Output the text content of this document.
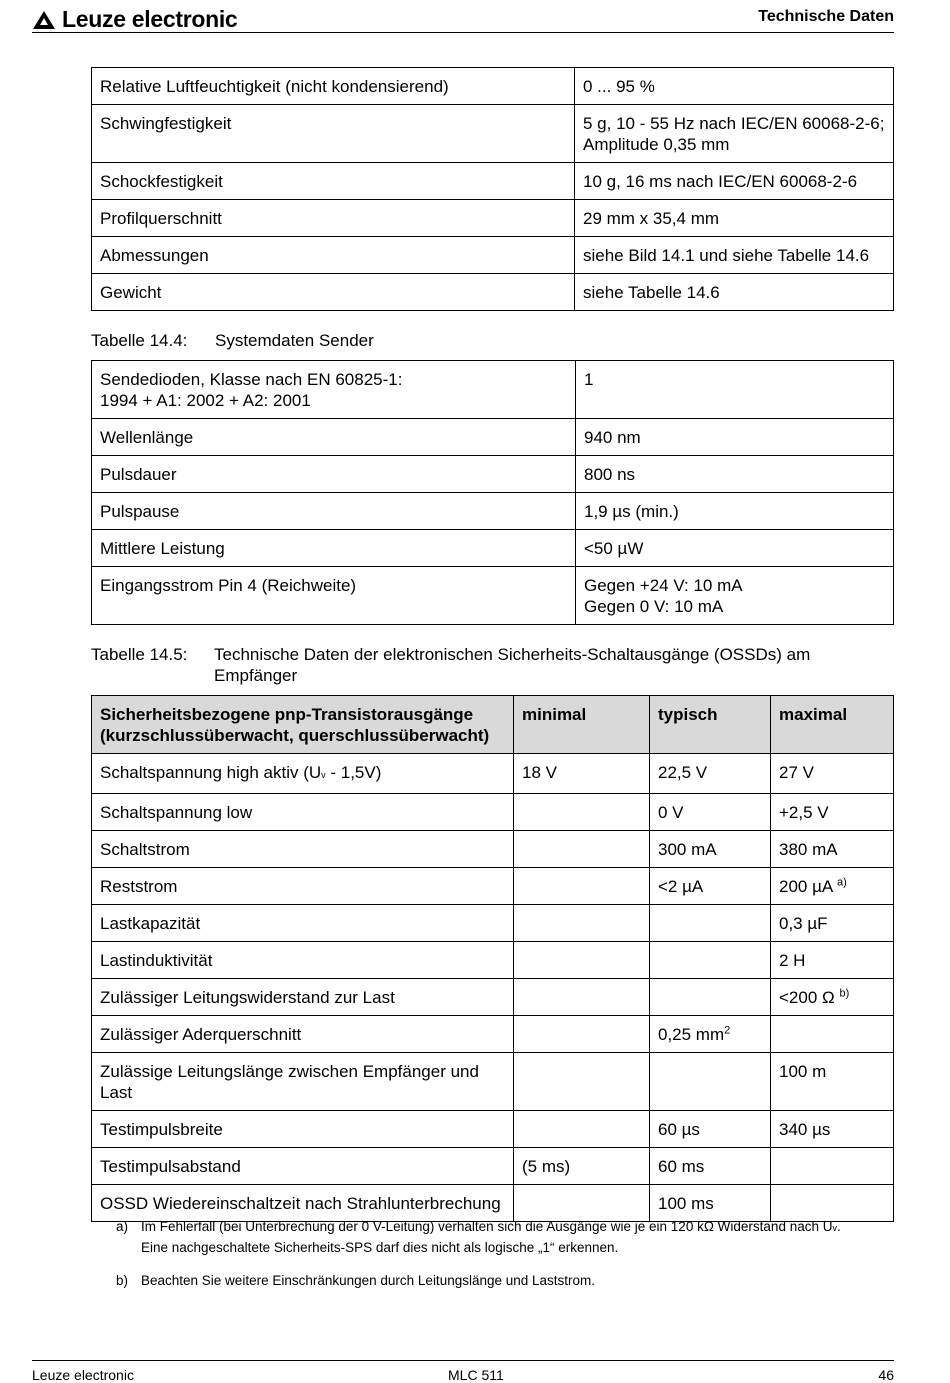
Leuze electronic	Technische Daten
Relative Luftfeuchtigkeit (nicht kondensierend)	0 ... 95 %
Schwingfestigkeit	5 g, 10 - 55 Hz nach IEC/EN 60068-2-6;
Amplitude 0,35 mm
Schockfestigkeit	10 g, 16 ms nach IEC/EN 60068-2-6
Profilquerschnitt	29 mm x 35,4 mm
Abmessungen	siehe Bild 14.1 und siehe Tabelle 14.6
Gewicht	siehe Tabelle 14.6
Tabelle 14.4: Systemdaten Sender
Sendedioden, Klasse nach EN 60825-1:
1994 + A1: 2002 + A2: 2001	1
Wellenlänge	940 nm
Pulsdauer	800 ns
Pulspause	1,9 µs (min.)
Mittlere Leistung	<50 µW
Eingangsstrom Pin 4 (Reichweite)	Gegen +24 V: 10 mA
Gegen 0 V: 10 mA
Tabelle 14.5: Technische Daten der elektronischen Sicherheits-Schaltausgänge (OSSDs) am Empfänger
Sicherheitsbezogene pnp-Transistorausgänge
(kurzschlussüberwacht, querschlussüberwacht)	minimal	typisch	maximal
Schaltspannung high aktiv (Uv - 1,5V)	18 V	22,5 V	27 V
Schaltspannung low		0 V	+2,5 V
Schaltstrom		300 mA	380 mA
Reststrom		<2 µA	200 µA $^{a)}$
Lastkapazität			0,3 µF
Lastinduktivität			2 H
Zulässiger Leitungswiderstand zur Last			<200 Ω $^{b)}$
Zulässiger Aderquerschnitt		0,25 $mm^2$	
Zulässige Leitungslänge zwischen Empfänger und Last			100 m
Testimpulsbreite		60 µs	340 µs
Testimpulsabstand	(5 ms)	60 ms	
OSSD Wiedereinschaltzeit nach Strahlunterbrechung		100 ms	
a) Im Fehlerfall (bei Unterbrechung der 0 V-Leitung) verhalten sich die Ausgänge wie je ein 120 kΩ Widerstand nach Uv.
Eine nachgeschaltete Sicherheits-SPS darf dies nicht als logische „1“ erkennen.
b) Beachten Sie weitere Einschränkungen durch Leitungslänge und Laststrom.
Leuze electronic	MLC 511	46
